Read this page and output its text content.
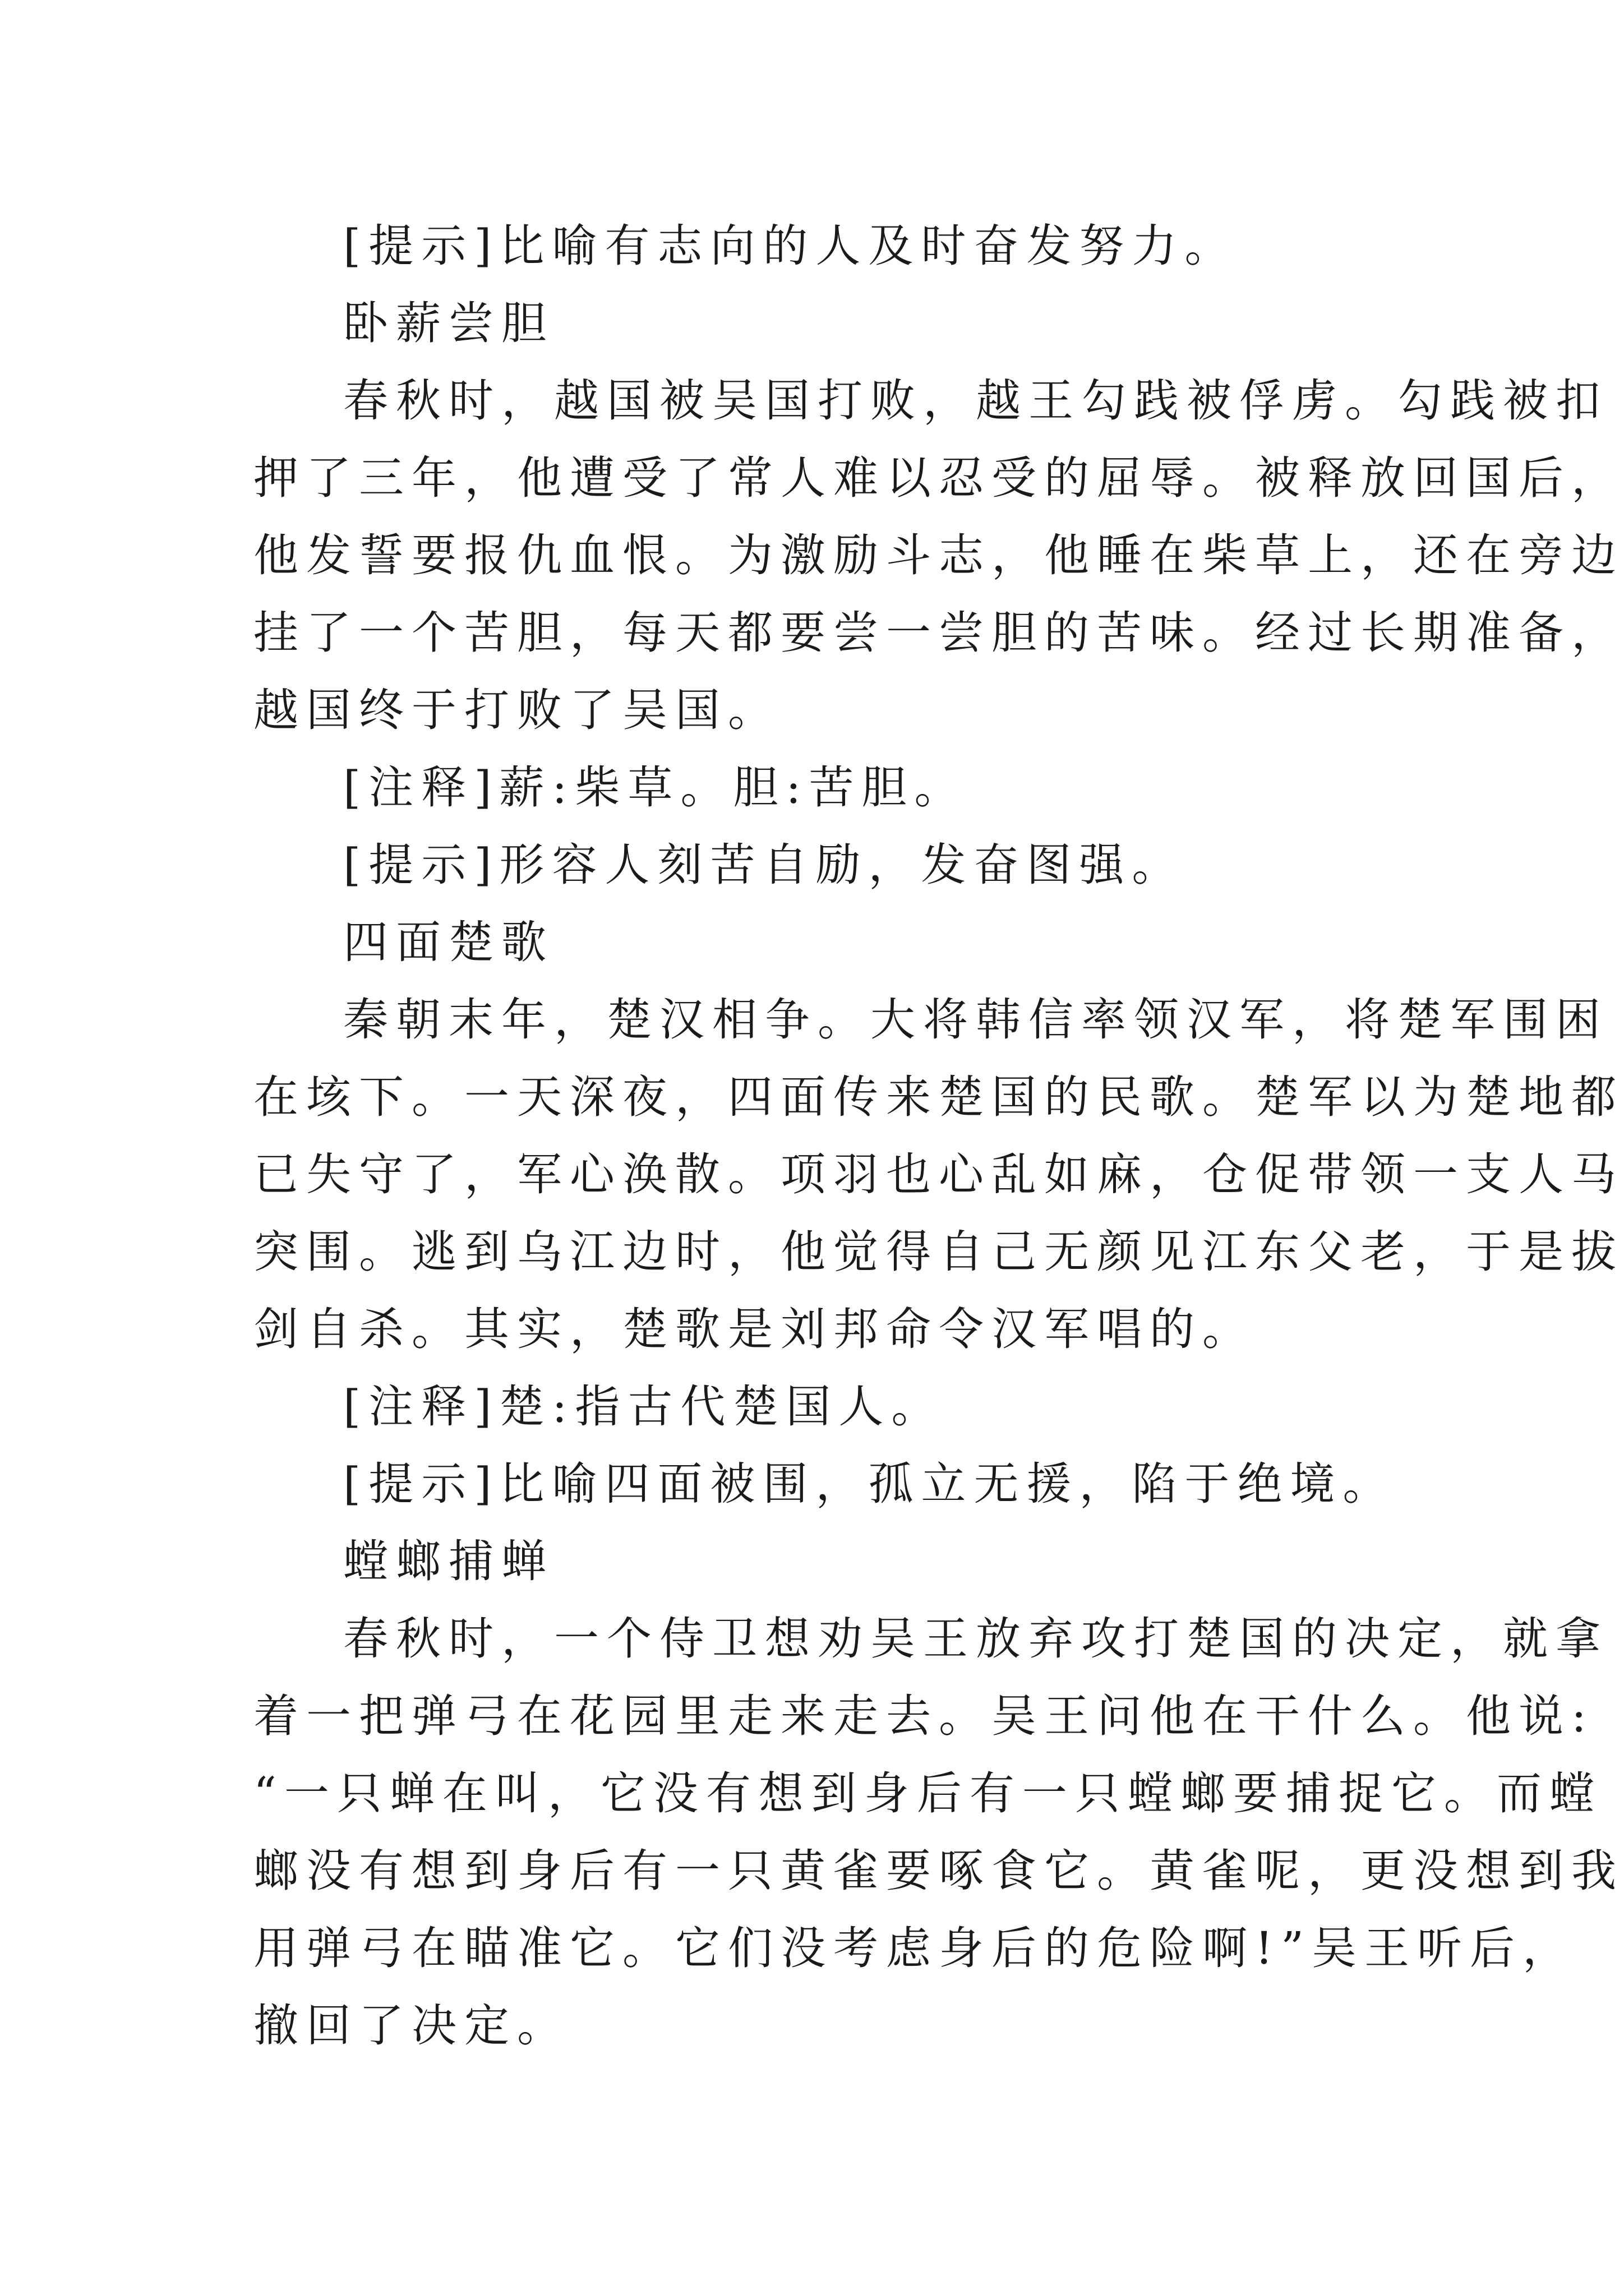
[提示]比喻有志向的人及时奋发努力。
卧薪尝胆
春秋时，越国被吴国打败，越王勾践被俘虏。勾践被扣
押了三年，他遭受了常人难以忍受的屈辱。被释放回国后，
他发誓要报仇血恨。为激励斗志，他睡在柴草上，还在旁边
挂了一个苦胆，每天都要尝一尝胆的苦味。经过长期准备，
越国终于打败了吴国。
[注释]薪:柴草。胆:苦胆。
[提示]形容人刻苦自励，发奋图强。
四面楚歌
秦朝末年，楚汉相争。大将韩信率领汉军，将楚军围困
在垓下。一天深夜，四面传来楚国的民歌。楚军以为楚地都
已失守了，军心涣散。项羽也心乱如麻，仓促带领一支人马
突围。逃到乌江边时，他觉得自己无颜见江东父老，于是拔
剑自杀。其实，楚歌是刘邦命令汉军唱的。
[注释]楚:指古代楚国人。
[提示]比喻四面被围，孤立无援，陷于绝境。
螳螂捕蝉
春秋时，一个侍卫想劝吴王放弃攻打楚国的决定，就拿
着一把弹弓在花园里走来走去。吴王问他在干什么。他说:
“一只蝉在叫，它没有想到身后有一只螳螂要捕捉它。而螳
螂没有想到身后有一只黄雀要啄食它。黄雀呢，更没想到我
用弹弓在瞄准它。它们没考虑身后的危险啊!”吴王听后，
撤回了决定。
